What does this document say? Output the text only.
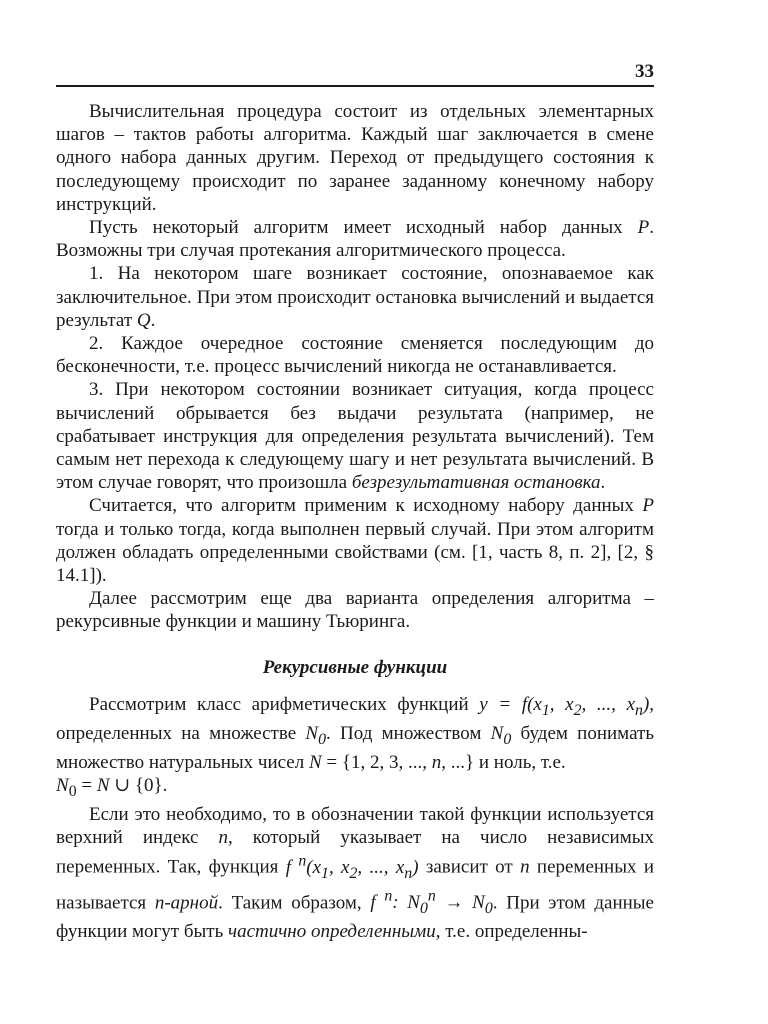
33

Вычислительная процедура состоит из отдельных элементарных шагов – тактов работы алгоритма. Каждый шаг заключается в смене одного набора данных другим. Переход от предыдущего состояния к последующему происходит по заранее заданному конечному набору инструкций.

Пусть некоторый алгоритм имеет исходный набор данных P. Возможны три случая протекания алгоритмического процесса.

1. На некотором шаге возникает состояние, опознаваемое как заключительное. При этом происходит остановка вычислений и выдается результат Q.

2. Каждое очередное состояние сменяется последующим до бесконечности, т.е. процесс вычислений никогда не останавливается.

3. При некотором состоянии возникает ситуация, когда процесс вычислений обрывается без выдачи результата (например, не срабатывает инструкция для определения результата вычислений). Тем самым нет перехода к следующему шагу и нет результата вычислений. В этом случае говорят, что произошла безрезультативная остановка.

Считается, что алгоритм применим к исходному набору данных P тогда и только тогда, когда выполнен первый случай. При этом алгоритм должен обладать определенными свойствами (см. [1, часть 8, п. 2], [2, § 14.1]).

Далее рассмотрим еще два варианта определения алгоритма – рекурсивные функции и машину Тьюринга.

Рекурсивные функции

Рассмотрим класс арифметических функций $y = f(x_1$, $x_2$, ..., $x_n$), определенных на множестве $N_0$. Под множеством $N_0$ будем понимать множество натуральных чисел N = {1, 2, 3, ..., n, ...} и ноль, т.е.

$N_0 = N$ ∪ {0}.

Если это необходимо, то в обозначении такой функции используется верхний индекс n, который указывает на число независимых переменных. Так, функция f $^n(x_1$, $x_2$, ..., $x_n$) зависит от n переменных и называется n-арной. Таким образом, f $^n$: $N_0^n \to N_0$. При этом данные функции могут быть частично определенными, т.е. определенны-
